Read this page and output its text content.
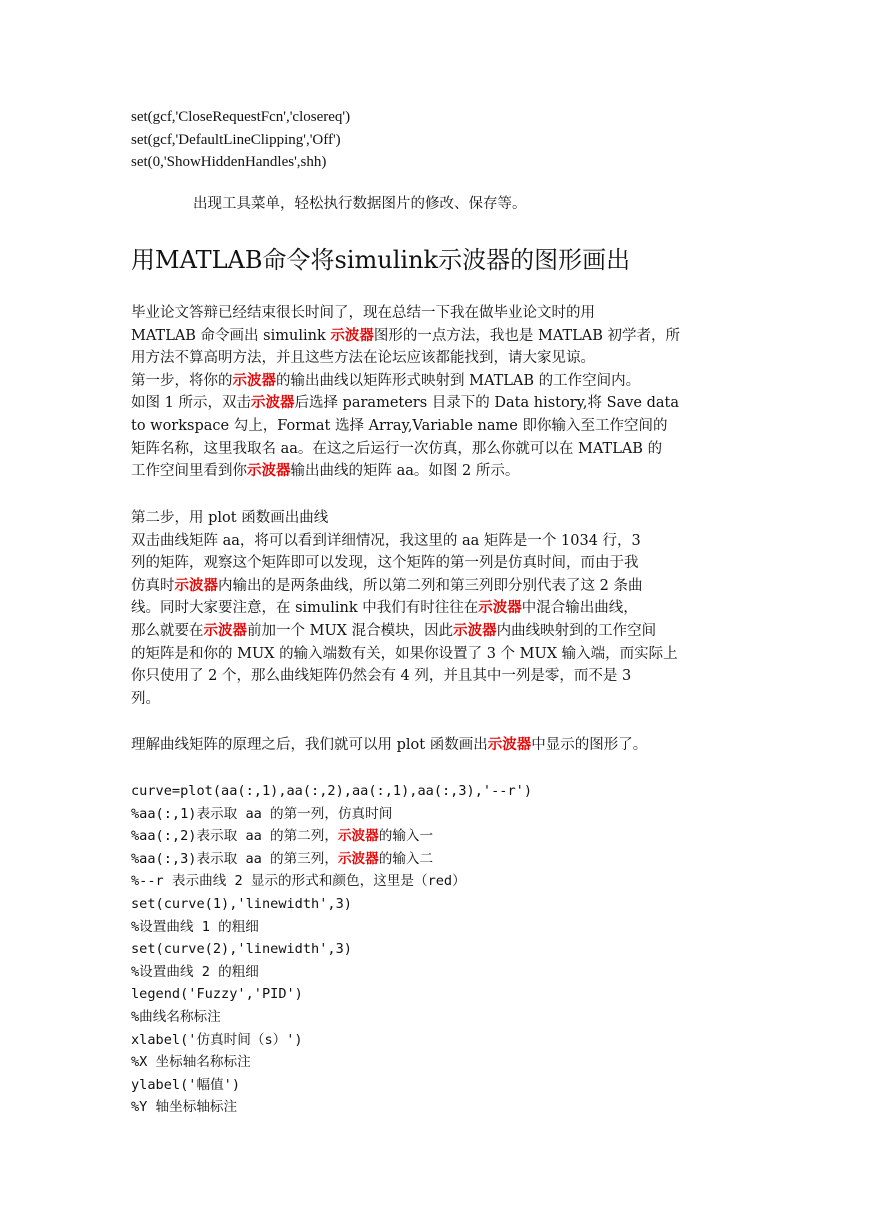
set(gcf,'CloseRequestFcn','closereq')
set(gcf,'DefaultLineClipping','Off')
set(0,'ShowHiddenHandles',shh)
出现工具菜单，轻松执行数据图片的修改、保存等。
用MATLAB命令将simulink示波器的图形画出
毕业论文答辩已经结束很长时间了，现在总结一下我在做毕业论文时的用
MATLAB 命令画出 simulink 示波器图形的一点方法，我也是 MATLAB 初学者，所
用方法不算高明方法，并且这些方法在论坛应该都能找到，请大家见谅。
第一步，将你的示波器的输出曲线以矩阵形式映射到 MATLAB 的工作空间内。
如图 1 所示，双击示波器后选择 parameters 目录下的 Data history,将 Save data
to workspace 勾上，Format 选择 Array,Variable name 即你输入至工作空间的
矩阵名称，这里我取名 aa。在这之后运行一次仿真，那么你就可以在 MATLAB 的
工作空间里看到你示波器输出曲线的矩阵 aa。如图 2 所示。
第二步，用 plot 函数画出曲线
双击曲线矩阵 aa，将可以看到详细情况，我这里的 aa 矩阵是一个 1034 行，3
列的矩阵，观察这个矩阵即可以发现，这个矩阵的第一列是仿真时间，而由于我
仿真时示波器内输出的是两条曲线，所以第二列和第三列即分别代表了这 2 条曲
线。同时大家要注意，在 simulink 中我们有时往往在示波器中混合输出曲线，
那么就要在示波器前加一个 MUX 混合模块，因此示波器内曲线映射到的工作空间
的矩阵是和你的 MUX 的输入端数有关，如果你设置了 3 个 MUX 输入端，而实际上
你只使用了 2 个，那么曲线矩阵仍然会有 4 列，并且其中一列是零，而不是 3
列。
理解曲线矩阵的原理之后，我们就可以用 plot 函数画出示波器中显示的图形了。
curve=plot(aa(:,1),aa(:,2),aa(:,1),aa(:,3),'--r')
%aa(:,1)表示取 aa 的第一列，仿真时间
%aa(:,2)表示取 aa 的第二列，示波器的输入一
%aa(:,3)表示取 aa 的第三列，示波器的输入二
%--r 表示曲线 2 显示的形式和颜色，这里是（red）
set(curve(1),'linewidth',3)
%设置曲线 1 的粗细
set(curve(2),'linewidth',3)
%设置曲线 2 的粗细
legend('Fuzzy','PID')
%曲线名称标注
xlabel('仿真时间（s）')
%X 坐标轴名称标注
ylabel('幅值')
%Y 轴坐标轴标注
